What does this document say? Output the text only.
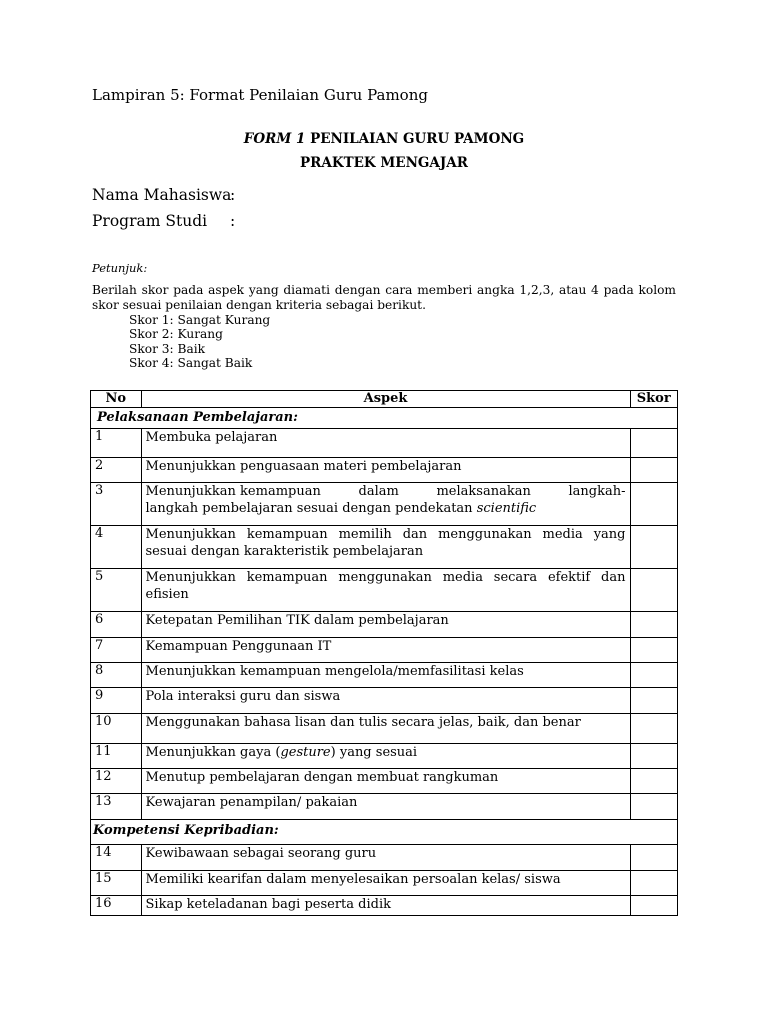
Lampiran 5: Format Penilaian Guru Pamong
FORM 1 PENILAIAN GURU PAMONG
PRAKTEK MENGAJAR
Nama Mahasiswa
:
Program Studi :
Petunjuk:
Berilah skor pada aspek yang diamati dengan cara memberi angka 1,2,3, atau 4 pada kolom skor sesuai penilaian dengan kriteria sebagai berikut.
Skor 1: Sangat Kurang
Skor 2: Kurang
Skor 3: Baik
Skor 4: Sangat Baik
No	Aspek	Skor
Pelaksanaan Pembelajaran:		
1	Membuka pelajaran	
2	Menunjukkan penguasaan materi pembelajaran	
3	Menunjukkan kemampuan dalam melaksanakan langkah-
langkah pembelajaran sesuai dengan pendekatan scientific	

4	Menunjukkan kemampuan memilih dan menggunakan media yang sesuai dengan karakteristik pembelajaran	
5	Menunjukkan kemampuan menggunakan media secara efektif dan efisien	
6	Ketepatan Pemilihan TIK dalam pembelajaran	
7	Kemampuan Penggunaan IT	
8	Menunjukkan kemampuan mengelola/memfasilitasi kelas	
9	Pola interaksi guru dan siswa	
10	Menggunakan bahasa lisan dan tulis secara jelas, baik, dan benar	
11	Menunjukkan gaya (gesture) yang sesuai	
12	Menutup pembelajaran dengan membuat rangkuman	
13	Kewajaran penampilan/ pakaian	
Kompetensi Kepribadian:		
14	Kewibawaan sebagai seorang guru	
15	Memiliki kearifan dalam menyelesaikan persoalan kelas/ siswa	
16	Sikap keteladanan bagi peserta didik	
